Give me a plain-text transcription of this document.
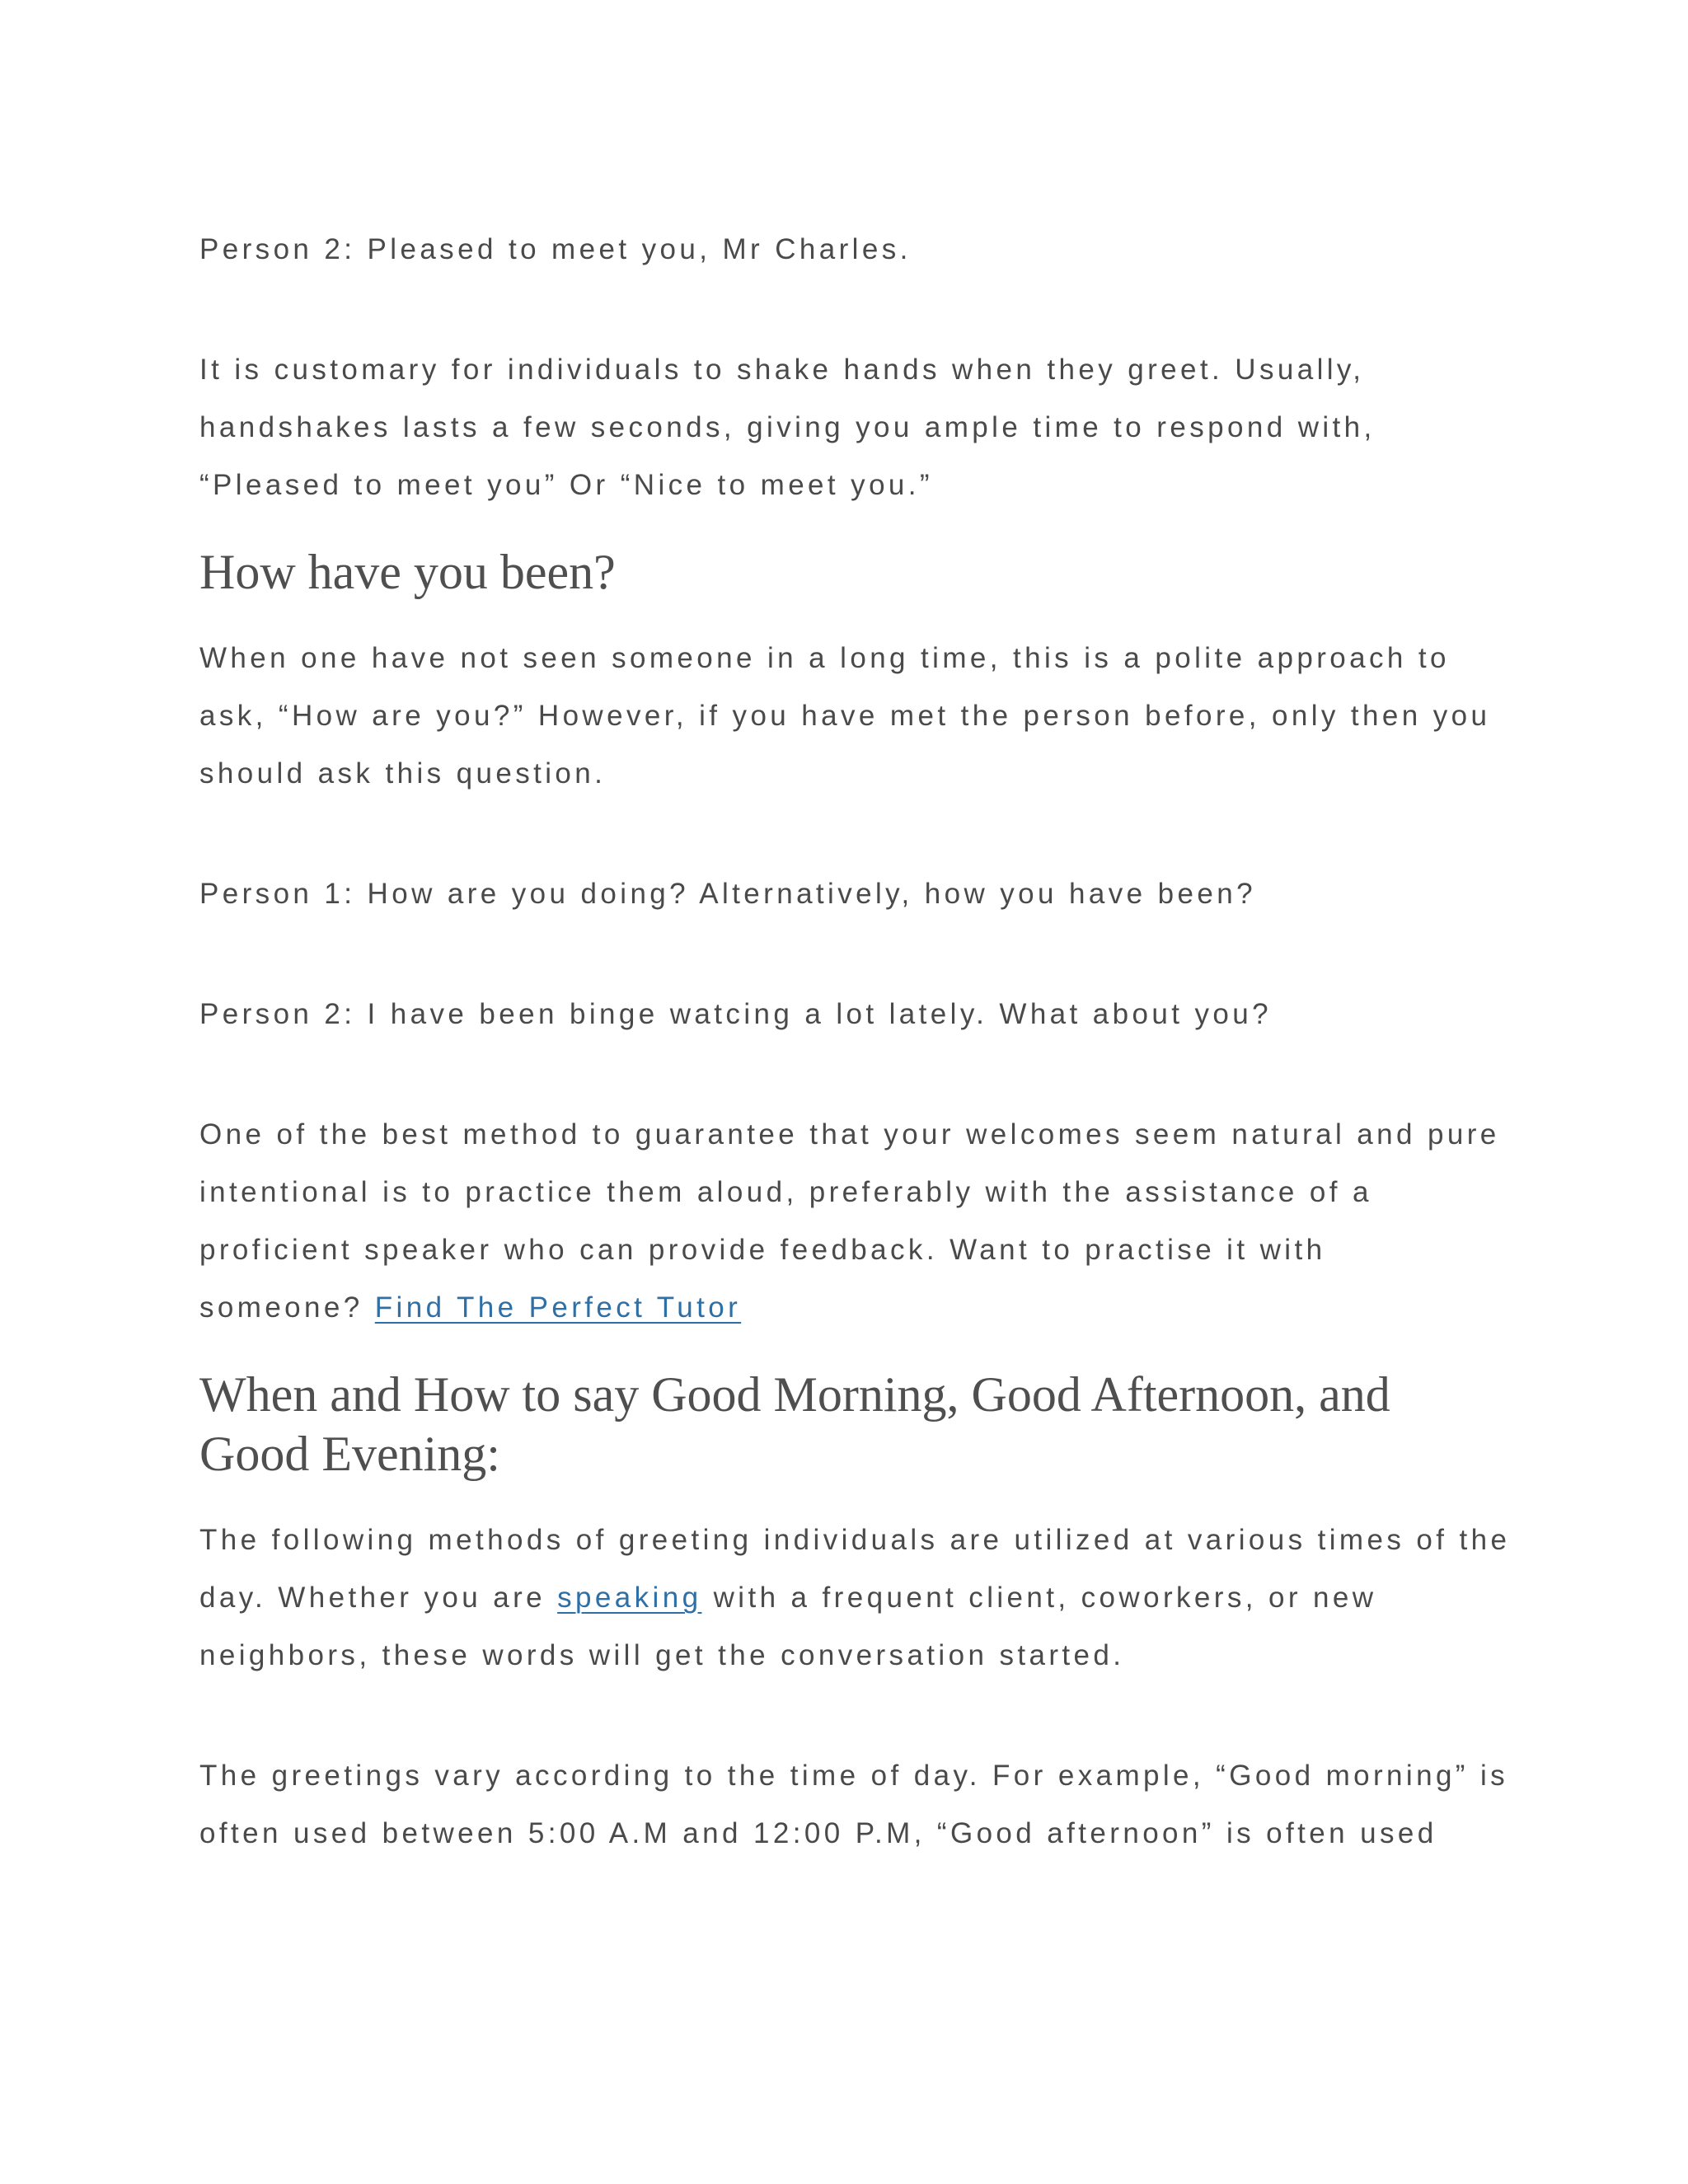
Person 2: Pleased to meet you, Mr Charles.

It is customary for individuals to shake hands when they greet. Usually,
handshakes lasts a few seconds, giving you ample time to respond with,
“Pleased to meet you” Or “Nice to meet you.”

How have you been?

When one have not seen someone in a long time, this is a polite approach to
ask, “How are you?” However, if you have met the person before, only then you
should ask this question.

Person 1: How are you doing? Alternatively, how you have been?

Person 2: I have been binge watcing a lot lately. What about you?

One of the best method to guarantee that your welcomes seem natural and pure
intentional is to practice them aloud, preferably with the assistance of a
proficient speaker who can provide feedback. Want to practise it with
someone? Find The Perfect Tutor

When and How to say Good Morning, Good Afternoon, and
Good Evening:

The following methods of greeting individuals are utilized at various times of the
day. Whether you are speaking with a frequent client, coworkers, or new
neighbors, these words will get the conversation started.

The greetings vary according to the time of day. For example, “Good morning” is
often used between 5:00 A.M and 12:00 P.M, “Good afternoon” is often used
